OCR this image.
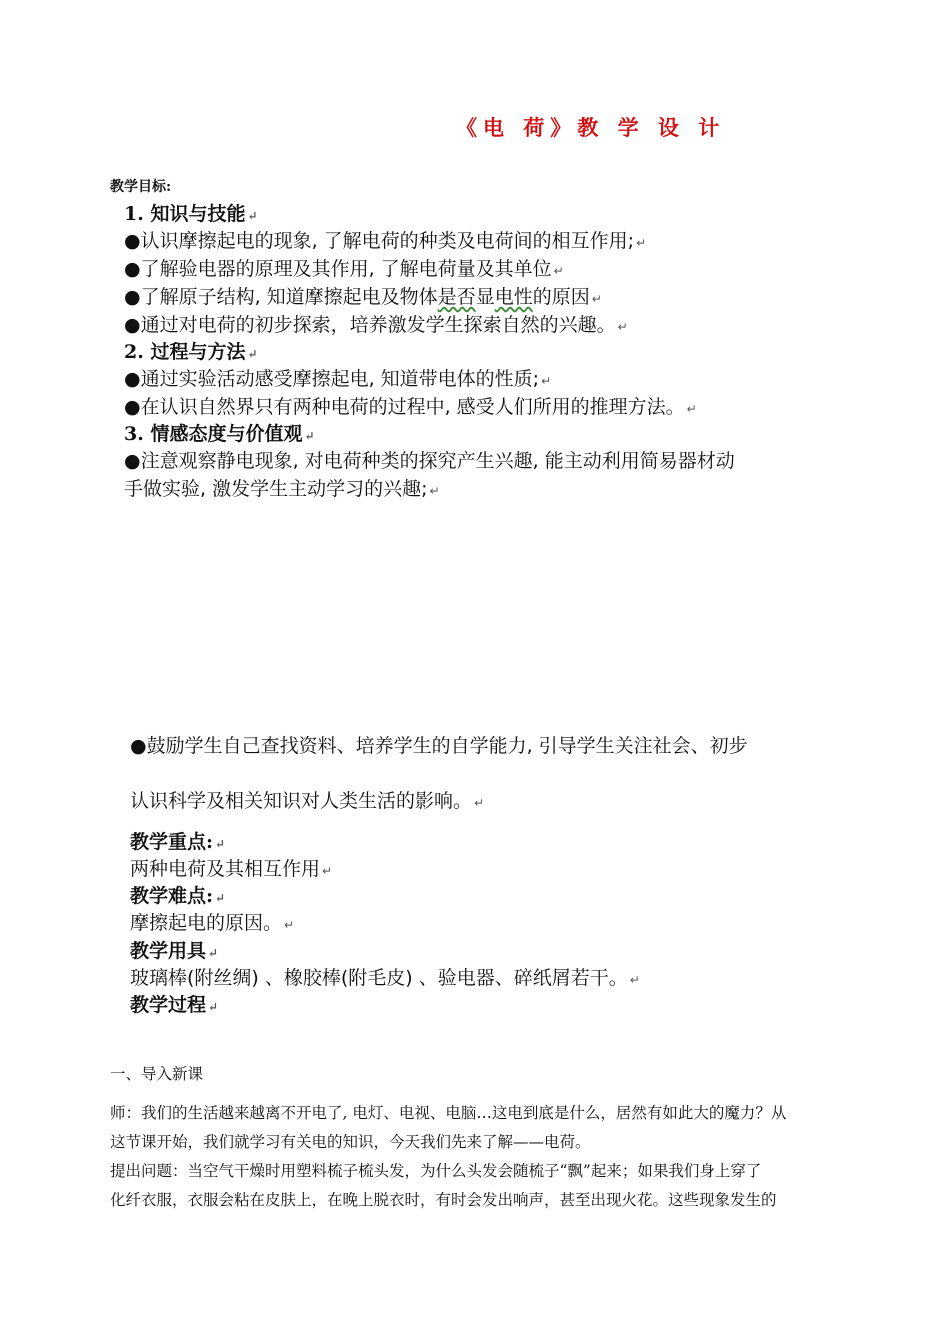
《电 荷》教 学 设 计
教学目标:
1. 知识与技能 ↵
●认识摩擦起电的现象, 了解电荷的种类及电荷间的相互作用; ↵
●了解验电器的原理及其作用, 了解电荷量及其单位 ↵
●了解原子结构, 知道摩擦起电及物体是否显电性的原因 ↵
●通过对电荷的初步探索，培养激发学生探索自然的兴趣。 ↵
2. 过程与方法 ↵
●通过实验活动感受摩擦起电, 知道带电体的性质; ↵
●在认识自然界只有两种电荷的过程中, 感受人们所用的推理方法。 ↵
3. 情感态度与价值观 ↵
●注意观察静电现象, 对电荷种类的探究产生兴趣, 能主动利用简易器材动
手做实验, 激发学生主动学习的兴趣; ↵
●鼓励学生自己查找资料、培养学生的自学能力, 引导学生关注社会、初步
认识科学及相关知识对人类生活的影响。 ↵
教学重点: ↵
两种电荷及其相互作用 ↵
教学难点: ↵
摩擦起电的原因。 ↵
教学用具 ↵
玻璃棒(附丝绸) 、橡胶棒(附毛皮) 、验电器、碎纸屑若干。 ↵
教学过程 ↵
一、导入新课
师：我们的生活越来越离不开电了, 电灯、电视、电脑…这电到底是什么，居然有如此大的魔力？从
这节课开始，我们就学习有关电的知识，今天我们先来了解——电荷。
提出问题：当空气干燥时用塑料梳子梳头发，为什么头发会随梳子“飘”起来；如果我们身上穿了
化纤衣服，衣服会粘在皮肤上，在晚上脱衣时，有时会发出响声，甚至出现火花。这些现象发生的
